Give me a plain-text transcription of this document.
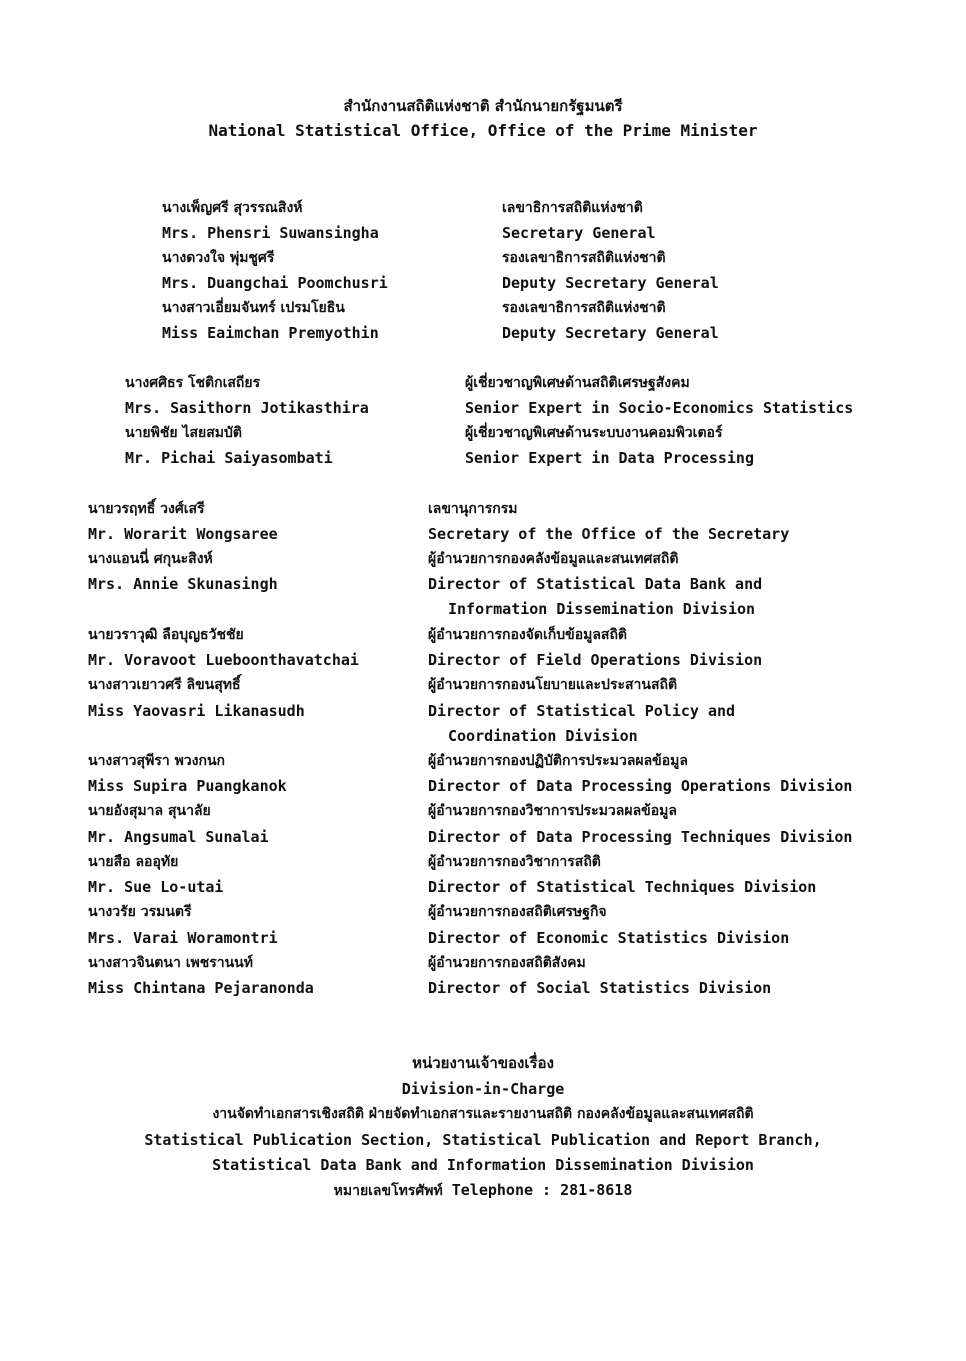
สำนักงานสถิติแห่งชาติ สำนักนายกรัฐมนตรี
National Statistical Office, Office of the Prime Minister
นางเพ็ญศรี สุวรรณสิงห์	เลขาธิการสถิติแห่งชาติ
Mrs. Phensri Suwansingha	Secretary General
นางดวงใจ พุ่มชูศรี	รองเลขาธิการสถิติแห่งชาติ
Mrs. Duangchai Poomchusri	Deputy Secretary General
นางสาวเอี่ยมจันทร์ เปรมโยธิน	รองเลขาธิการสถิติแห่งชาติ
Miss Eaimchan Premyothin	Deputy Secretary General
นางศศิธร โชติกเสถียร	ผู้เชี่ยวชาญพิเศษด้านสถิติเศรษฐสังคม
Mrs. Sasithorn Jotikasthira	Senior Expert in Socio-Economics Statistics
นายพิชัย ไสยสมบัติ	ผู้เชี่ยวชาญพิเศษด้านระบบงานคอมพิวเตอร์
Mr. Pichai Saiyasombati	Senior Expert in Data Processing
นายวรฤทธิ์ วงศ์เสรี	เลขานุการกรม
Mr. Worarit Wongsaree	Secretary of the Office of the Secretary
นางแอนนี่ ศกุนะสิงห์	ผู้อำนวยการกองคลังข้อมูลและสนเทศสถิติ
Mrs. Annie Skunasingh	Director of Statistical Data Bank and
Information Dissemination Division
นายวราวุฒิ ลือบุญธวัชชัย	ผู้อำนวยการกองจัดเก็บข้อมูลสถิติ
Mr. Voravoot Lueboonthavatchai	Director of Field Operations Division
นางสาวเยาวศรี ลิขนสุทธิ์	ผู้อำนวยการกองนโยบายและประสานสถิติ
Miss Yaovasri Likanasudh	Director of Statistical Policy and
Coordination Division
นางสาวสุพีรา พวงกนก	ผู้อำนวยการกองปฏิบัติการประมวลผลข้อมูล
Miss Supira Puangkanok	Director of Data Processing Operations Division
นายอังสุมาล สุนาลัย	ผู้อำนวยการกองวิชาการประมวลผลข้อมูล
Mr. Angsumal Sunalai	Director of Data Processing Techniques Division
นายสือ ลออุทัย	ผู้อำนวยการกองวิชาการสถิติ
Mr. Sue Lo-utai	Director of Statistical Techniques Division
นางวรัย วรมนตรี	ผู้อำนวยการกองสถิติเศรษฐกิจ
Mrs. Varai Woramontri	Director of Economic Statistics Division
นางสาวจินตนา เพชรานนท์	ผู้อำนวยการกองสถิติสังคม
Miss Chintana Pejaranonda	Director of Social Statistics Division
หน่วยงานเจ้าของเรื่อง
Division-in-Charge
งานจัดทำเอกสารเชิงสถิติ ฝ่ายจัดทำเอกสารและรายงานสถิติ กองคลังข้อมูลและสนเทศสถิติ
Statistical Publication Section, Statistical Publication and Report Branch,
Statistical Data Bank and Information Dissemination Division
หมายเลขโทรศัพท์ Telephone : 281-8618
